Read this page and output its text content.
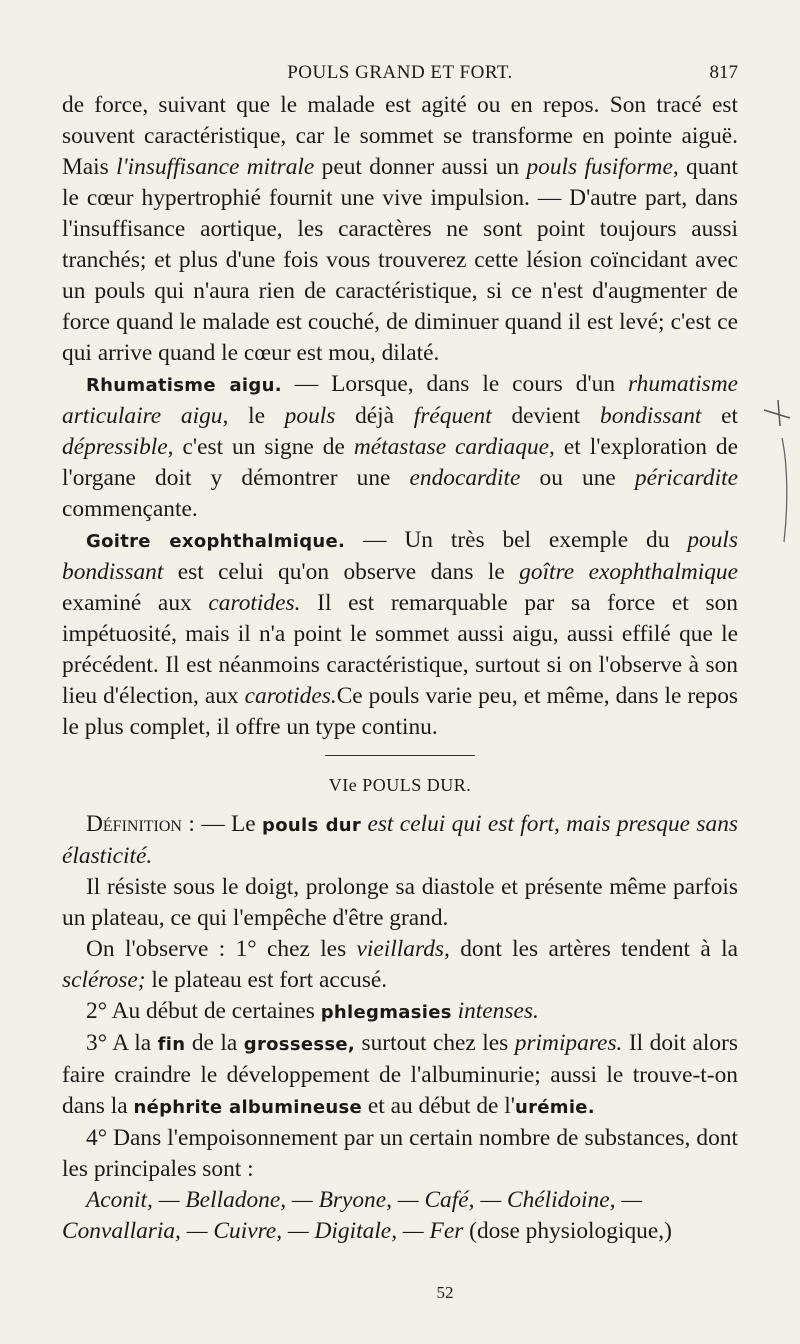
POULS GRAND ET FORT.	817

de force, suivant que le malade est agité ou en repos. Son tracé est souvent caractéristique, car le sommet se transforme en pointe aiguë. Mais l'insuffisance mitrale peut donner aussi un pouls fusiforme, quant le cœur hypertrophié fournit une vive impulsion. — D'autre part, dans l'insuffisance aortique, les caractères ne sont point toujours aussi tranchés; et plus d'une fois vous trouverez cette lésion coïncidant avec un pouls qui n'aura rien de caractéristique, si ce n'est d'augmenter de force quand le malade est couché, de diminuer quand il est levé; c'est ce qui arrive quand le cœur est mou, dilaté.

Rhumatisme aigu. — Lorsque, dans le cours d'un rhumatisme articulaire aigu, le pouls déjà fréquent devient bondissant et dépressible, c'est un signe de métastase cardiaque, et l'exploration de l'organe doit y démontrer une endocardite ou une péricardite commençante.

Goitre exophthalmique. — Un très bel exemple du pouls bondissant est celui qu'on observe dans le goître exophthalmique examiné aux carotides. Il est remarquable par sa force et son impétuosité, mais il n'a point le sommet aussi aigu, aussi effilé que le précédent. Il est néanmoins caractéristique, surtout si on l'observe à son lieu d'élection, aux carotides.Ce pouls varie peu, et même, dans le repos le plus complet, il offre un type continu.

VIe POULS DUR.

Définition : — Le pouls dur est celui qui est fort, mais presque sans élasticité.

Il résiste sous le doigt, prolonge sa diastole et présente même parfois un plateau, ce qui l'empêche d'être grand.

On l'observe : 1° chez les vieillards, dont les artères tendent à la sclérose; le plateau est fort accusé.

2° Au début de certaines phlegmasies intenses.

3° A la fin de la grossesse, surtout chez les primipares. Il doit alors faire craindre le développement de l'albuminurie; aussi le trouve-t-on dans la néphrite albumineuse et au début de l'urémie.

4° Dans l'empoisonnement par un certain nombre de substances, dont les principales sont :

Aconit, — Belladone, — Bryone, — Café, — Chélidoine, — Convallaria, — Cuivre, — Digitale, — Fer (dose physiologique,)

52
